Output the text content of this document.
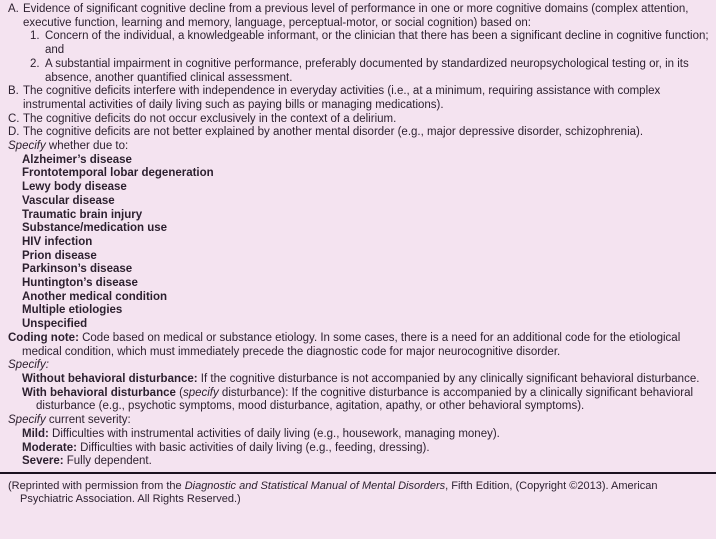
A. Evidence of significant cognitive decline from a previous level of performance in one or more cognitive domains (complex attention, executive function, learning and memory, language, perceptual-motor, or social cognition) based on:
1. Concern of the individual, a knowledgeable informant, or the clinician that there has been a significant decline in cognitive function; and
2. A substantial impairment in cognitive performance, preferably documented by standardized neuropsychological testing or, in its absence, another quantified clinical assessment.
B. The cognitive deficits interfere with independence in everyday activities (i.e., at a minimum, requiring assistance with complex instrumental activities of daily living such as paying bills or managing medications).
C. The cognitive deficits do not occur exclusively in the context of a delirium.
D. The cognitive deficits are not better explained by another mental disorder (e.g., major depressive disorder, schizophrenia).
Specify whether due to:
Alzheimer’s disease
Frontotemporal lobar degeneration
Lewy body disease
Vascular disease
Traumatic brain injury
Substance/medication use
HIV infection
Prion disease
Parkinson’s disease
Huntington’s disease
Another medical condition
Multiple etiologies
Unspecified
Coding note: Code based on medical or substance etiology. In some cases, there is a need for an additional code for the etiological medical condition, which must immediately precede the diagnostic code for major neurocognitive disorder.
Specify:
Without behavioral disturbance: If the cognitive disturbance is not accompanied by any clinically significant behavioral disturbance.
With behavioral disturbance (specify disturbance): If the cognitive disturbance is accompanied by a clinically significant behavioral disturbance (e.g., psychotic symptoms, mood disturbance, agitation, apathy, or other behavioral symptoms).
Specify current severity:
Mild: Difficulties with instrumental activities of daily living (e.g., housework, managing money).
Moderate: Difficulties with basic activities of daily living (e.g., feeding, dressing).
Severe: Fully dependent.
(Reprinted with permission from the Diagnostic and Statistical Manual of Mental Disorders, Fifth Edition, (Copyright ©2013). American Psychiatric Association. All Rights Reserved.)
